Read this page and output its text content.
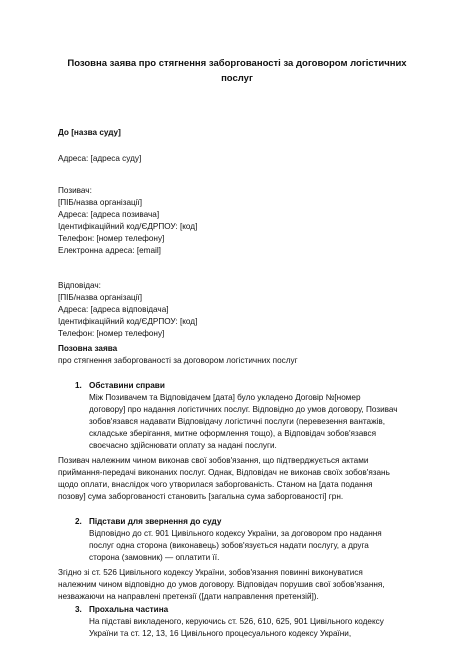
Позовна заява про стягнення заборгованості за договором логістичних
послуг
До [назва суду]
Адреса: [адреса суду]
Позивач:
[ПІБ/назва організації]
Адреса: [адреса позивача]
Ідентифікаційний код/ЄДРПОУ: [код]
Телефон: [номер телефону]
Електронна адреса: [email]
Відповідач:
[ПІБ/назва організації]
Адреса: [адреса відповідача]
Ідентифікаційний код/ЄДРПОУ: [код]
Телефон: [номер телефону]
Позовна заява
про стягнення заборгованості за договором логістичних послуг
1. Обставини справи
Між Позивачем та Відповідачем [дата] було укладено Договір №[номер
договору] про надання логістичних послуг. Відповідно до умов договору, Позивач
зобов'язався надавати Відповідачу логістичні послуги (перевезення вантажів,
складське зберігання, митне оформлення тощо), а Відповідач зобов'язався
своєчасно здійснювати оплату за надані послуги.
Позивач належним чином виконав свої зобов'язання, що підтверджується актами
приймання-передачі виконаних послуг. Однак, Відповідач не виконав своїх зобов'язань
щодо оплати, внаслідок чого утворилася заборгованість. Станом на [дата подання
позову] сума заборгованості становить [загальна сума заборгованості] грн.
2. Підстави для звернення до суду
Відповідно до ст. 901 Цивільного кодексу України, за договором про надання
послуг одна сторона (виконавець) зобов'язується надати послугу, а друга
сторона (замовник) — оплатити її.
Згідно зі ст. 526 Цивільного кодексу України, зобов'язання повинні виконуватися
належним чином відповідно до умов договору. Відповідач порушив свої зобов'язання,
незважаючи на направлені претензії ([дати направлення претензій]).
3. Прохальна частина
На підставі викладеного, керуючись ст. 526, 610, 625, 901 Цивільного кодексу
України та ст. 12, 13, 16 Цивільного процесуального кодексу України,
